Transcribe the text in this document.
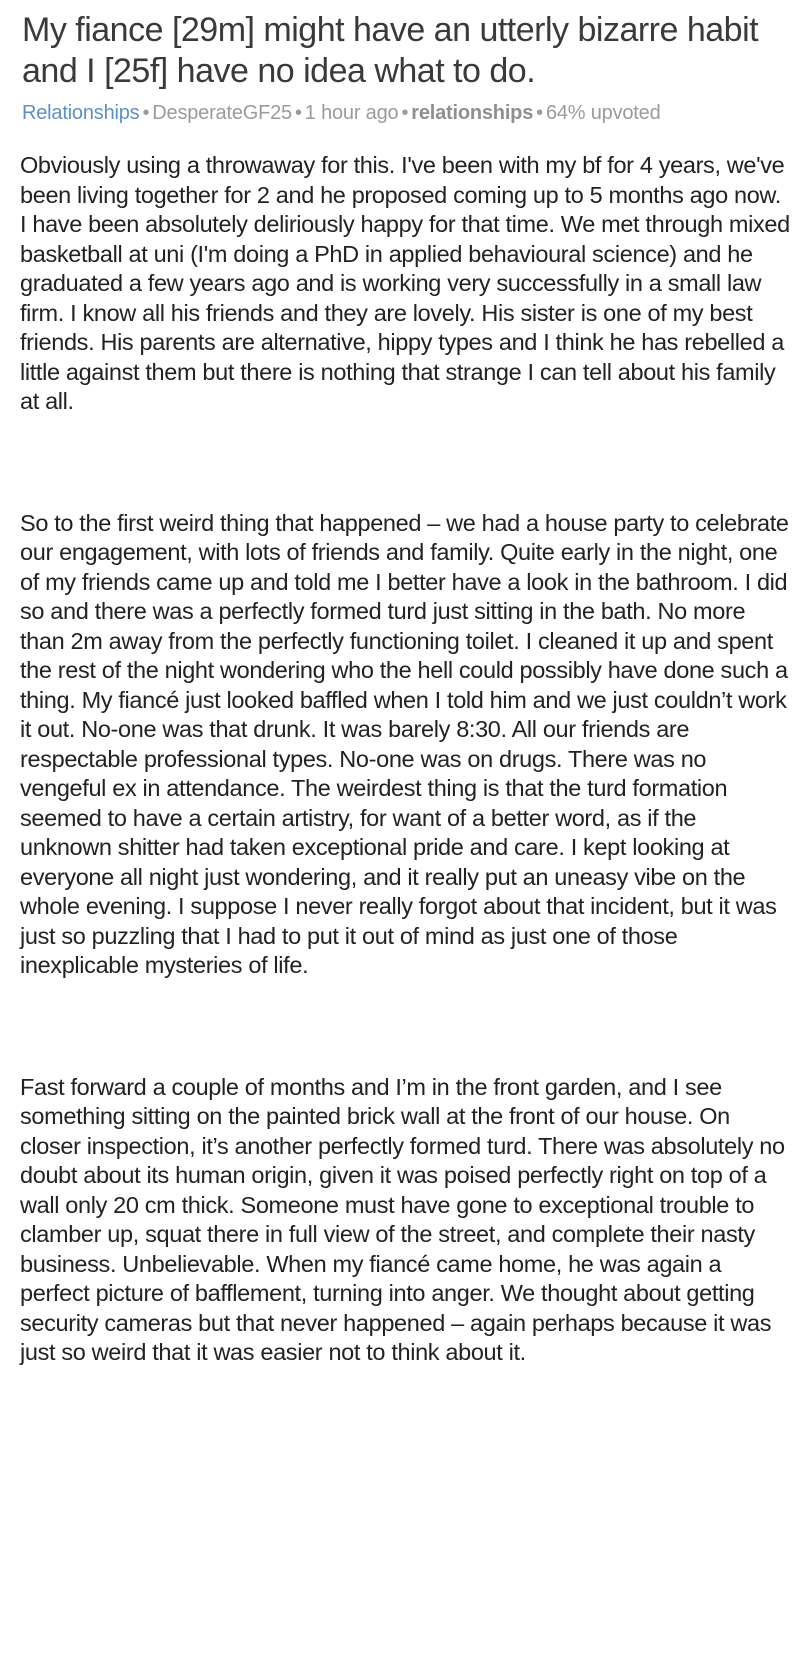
My fiance [29m] might have an utterly bizarre habit and I [25f] have no idea what to do.
Relationships • DesperateGF25 • 1 hour ago • relationships • 64% upvoted

Obviously using a throwaway for this. I've been with my bf for 4 years, we've been living together for 2 and he proposed coming up to 5 months ago now. I have been absolutely deliriously happy for that time. We met through mixed basketball at uni (I'm doing a PhD in applied behavioural science) and he graduated a few years ago and is working very successfully in a small law firm. I know all his friends and they are lovely. His sister is one of my best friends. His parents are alternative, hippy types and I think he has rebelled a little against them but there is nothing that strange I can tell about his family at all.

So to the first weird thing that happened – we had a house party to celebrate our engagement, with lots of friends and family. Quite early in the night, one of my friends came up and told me I better have a look in the bathroom. I did so and there was a perfectly formed turd just sitting in the bath. No more than 2m away from the perfectly functioning toilet. I cleaned it up and spent the rest of the night wondering who the hell could possibly have done such a thing. My fiancé just looked baffled when I told him and we just couldn’t work it out. No-one was that drunk. It was barely 8:30. All our friends are respectable professional types. No-one was on drugs. There was no vengeful ex in attendance. The weirdest thing is that the turd formation seemed to have a certain artistry, for want of a better word, as if the unknown shitter had taken exceptional pride and care. I kept looking at everyone all night just wondering, and it really put an uneasy vibe on the whole evening. I suppose I never really forgot about that incident, but it was just so puzzling that I had to put it out of mind as just one of those inexplicable mysteries of life.

Fast forward a couple of months and I’m in the front garden, and I see something sitting on the painted brick wall at the front of our house. On closer inspection, it’s another perfectly formed turd. There was absolutely no doubt about its human origin, given it was poised perfectly right on top of a wall only 20 cm thick. Someone must have gone to exceptional trouble to clamber up, squat there in full view of the street, and complete their nasty business. Unbelievable. When my fiancé came home, he was again a perfect picture of bafflement, turning into anger. We thought about getting security cameras but that never happened – again perhaps because it was just so weird that it was easier not to think about it.
